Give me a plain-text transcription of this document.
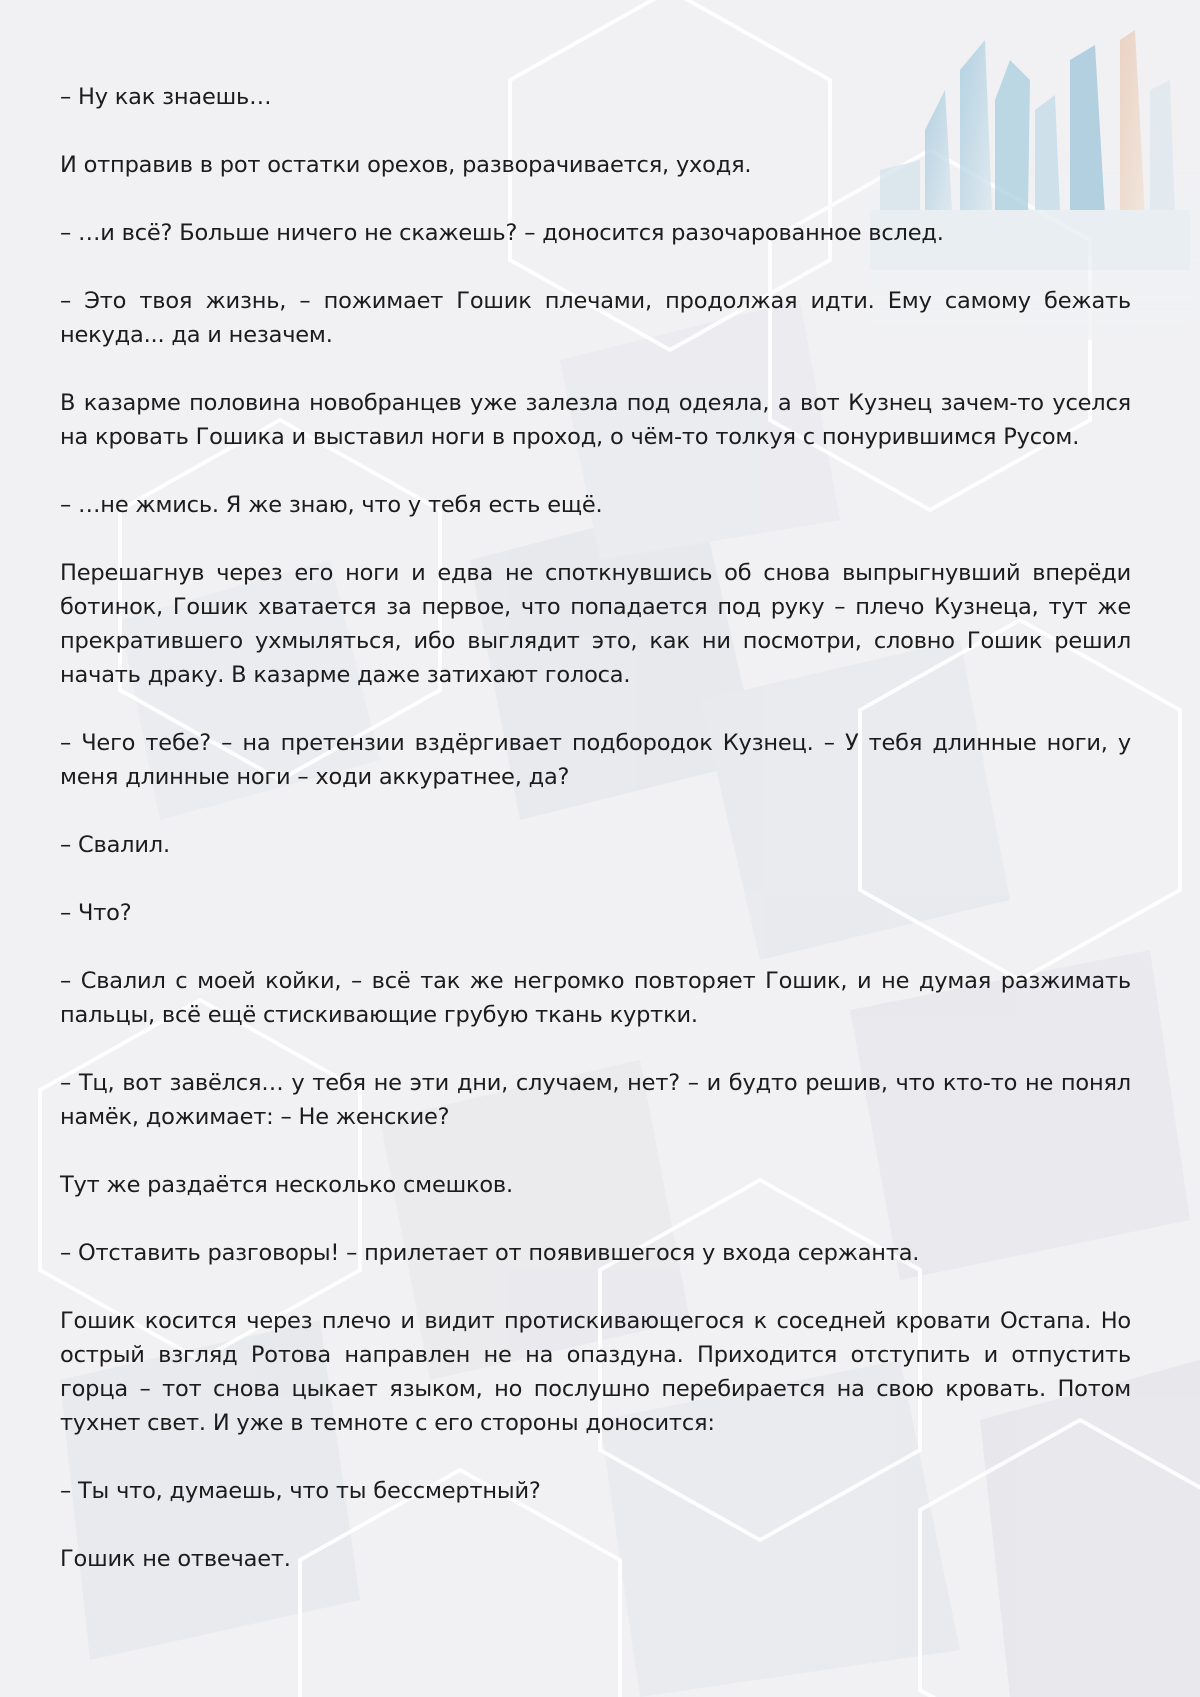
– Ну как знаешь…

И отправив в рот остатки орехов, разворачивается, уходя.

– …и всё? Больше ничего не скажешь? – доносится разочарованное вслед.

– Это твоя жизнь, – пожимает Гошик плечами, продолжая идти. Ему самому бежать некуда... да и незачем.

В казарме половина новобранцев уже залезла под одеяла, а вот Кузнец зачем-то уселся на кровать Гошика и выставил ноги в проход, о чём-то толкуя с понурившимся Русом.

– …не жмись. Я же знаю, что у тебя есть ещё.

Перешагнув через его ноги и едва не споткнувшись об снова выпрыгнувший вперёди ботинок, Гошик хватается за первое, что попадается под руку – плечо Кузнеца, тут же прекратившего ухмыляться, ибо выглядит это, как ни посмотри, словно Гошик решил начать драку. В казарме даже затихают голоса.

– Чего тебе? – на претензии вздёргивает подбородок Кузнец. – У тебя длинные ноги, у меня длинные ноги – ходи аккуратнее, да?

– Свалил.

– Что?

– Свалил с моей койки, – всё так же негромко повторяет Гошик, и не думая разжимать пальцы, всё ещё стискивающие грубую ткань куртки.

– Тц, вот завёлся… у тебя не эти дни, случаем, нет? – и будто решив, что кто-то не понял намёк, дожимает: – Не женские?

Тут же раздаётся несколько смешков.

– Отставить разговоры! – прилетает от появившегося у входа сержанта.

Гошик косится через плечо и видит протискивающегося к соседней кровати Остапа. Но острый взгляд Ротова направлен не на опаздуна. Приходится отступить и отпустить горца – тот снова цыкает языком, но послушно перебирается на свою кровать. Потом тухнет свет. И уже в темноте с его стороны доносится:

– Ты что, думаешь, что ты бессмертный?

Гошик не отвечает.
